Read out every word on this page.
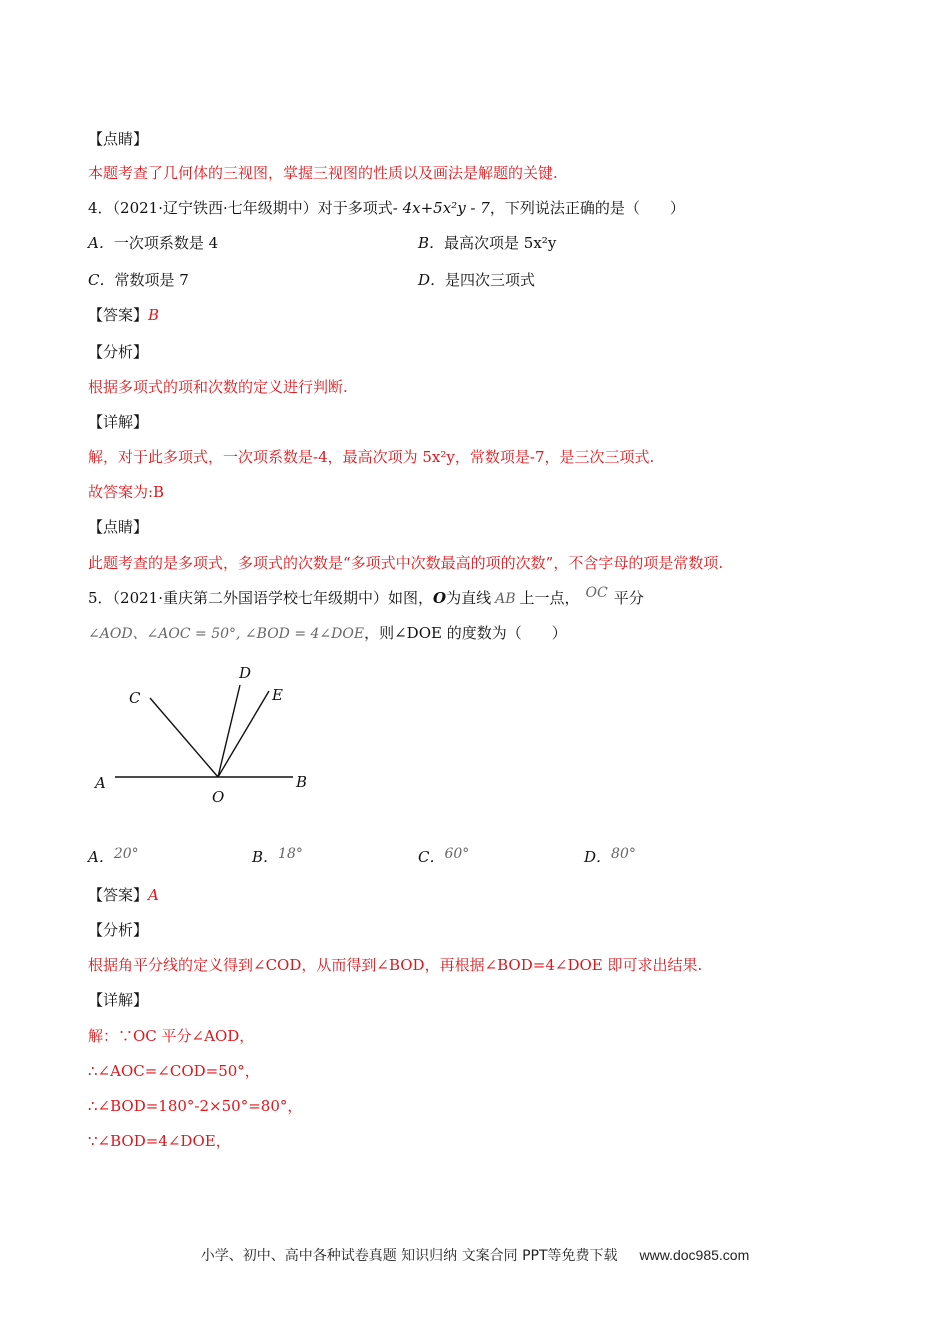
【点睛】
本题考查了几何体的三视图，掌握三视图的性质以及画法是解题的关键.
4．（2021·辽宁铁西·七年级期中）对于多项式- 4x+5x²y - 7，下列说法正确的是（　　）
A．一次项系数是 4	B．最高次项是 5x²y
C．常数项是 7	D．是四次三项式
【答案】B
【分析】
根据多项式的项和次数的定义进行判断.
【详解】
解，对于此多项式，一次项系数是-4，最高次项为 5x²y，常数项是-7，是三次三项式.
故答案为:B
【点睛】
此题考查的是多项式，多项式的次数是“多项式中次数最高的项的次数”，不含字母的项是常数项.
5．（2021·重庆第二外国语学校七年级期中）如图，O为直线 AB 上一点， OC 平分
∠AOD、∠AOC = 50°, ∠BOD = 4∠DOE，则∠DOE 的度数为（　　）
A	B
C
D
E
O
A．20°	B．18°	C．60°	D．80°
【答案】A
【分析】
根据角平分线的定义得到∠COD，从而得到∠BOD，再根据∠BOD=4∠DOE 即可求出结果.
【详解】
解：∵OC 平分∠AOD，
∴∠AOC=∠COD=50°，
∴∠BOD=180°-2×50°=80°，
∵∠BOD=4∠DOE，
小学、初中、高中各种试卷真题 知识归纳 文案合同 PPT等免费下载 www.doc985.com
